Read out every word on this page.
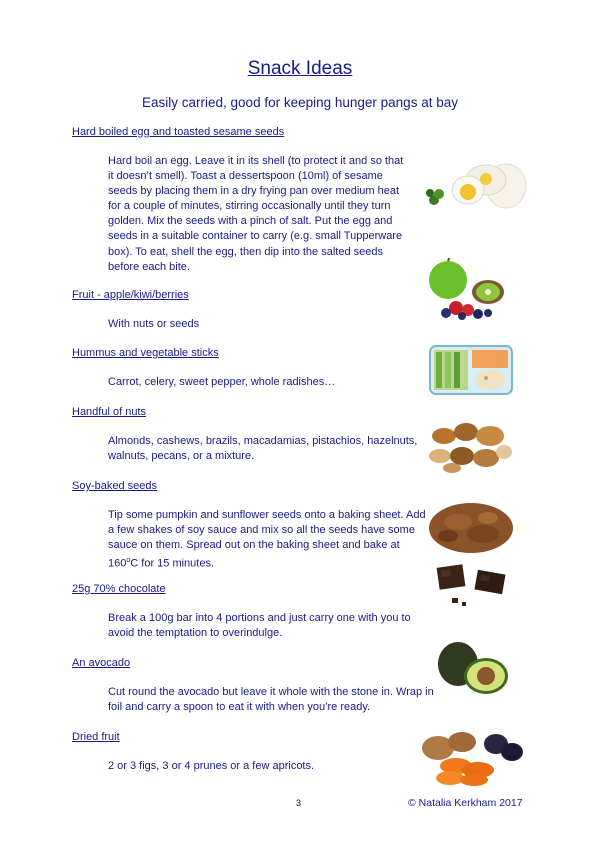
Snack Ideas
Easily carried, good for keeping hunger pangs at bay
Hard boiled egg and toasted sesame seeds
Hard boil an egg. Leave it in its shell (to protect it and so that it doesn’t smell). Toast a dessertspoon (10ml) of sesame seeds by placing them in a dry frying pan over medium heat for a couple of minutes, stirring occasionally until they turn golden. Mix the seeds with a pinch of salt. Put the egg and seeds in a suitable container to carry (e.g. small Tupperware box). To eat, shell the egg, then dip into the salted seeds before each bite.
Fruit - apple/kiwi/berries
With nuts or seeds
Hummus and vegetable sticks
Carrot, celery, sweet pepper, whole radishes…
Handful of nuts
Almonds, cashews, brazils, macadamias, pistachios, hazelnuts, walnuts, pecans, or a mixture.
Soy-baked seeds
Tip some pumpkin and sunflower seeds onto a baking sheet. Add a few shakes of soy sauce and mix so all the seeds have some sauce on them. Spread out on the baking sheet and bake at 160$^o$C for 15 minutes.
25g 70% chocolate
Break a 100g bar into 4 portions and just carry one with you to avoid the temptation to overindulge.
An avocado
Cut round the avocado but leave it whole with the stone in. Wrap in foil and carry a spoon to eat it with when you’re ready.
Dried fruit
2 or 3 figs, 3 or 4 prunes or a few apricots.
3	© Natalia Kerkham 2017
